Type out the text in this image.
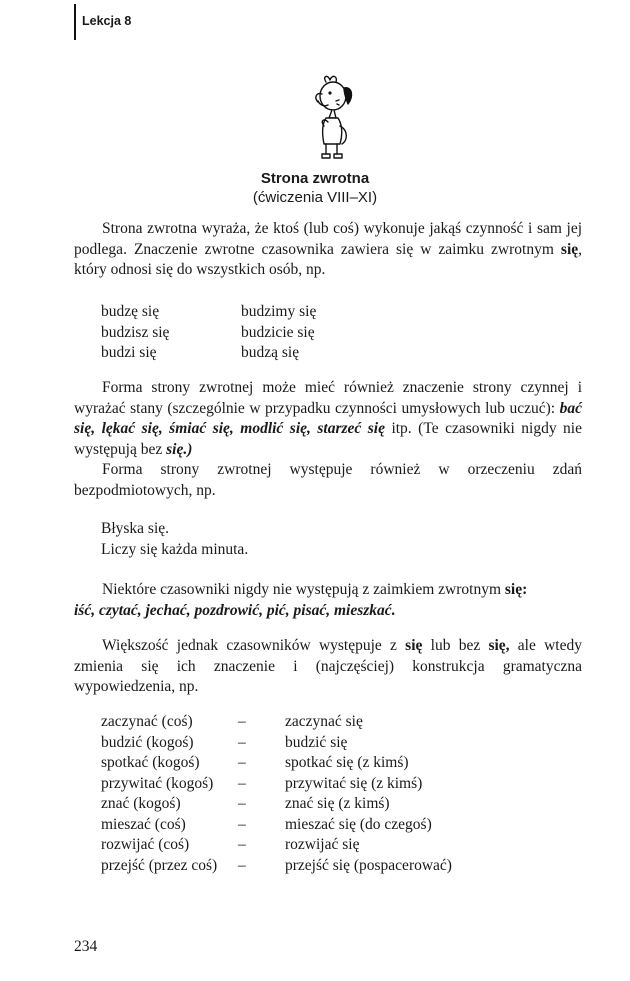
Lekcja 8
Strona zwrotna
(ćwiczenia VIII–XI)

Strona zwrotna wyraża, że ktoś (lub coś) wykonuje jakąś czynność i sam jej podlega. Znaczenie zwrotne czasownika zawiera się w zaimku zwrotnym się, który odnosi się do wszystkich osób, np.

budzę się	budzimy się
budzisz się	budzicie się
budzi się	budzą się

Forma strony zwrotnej może mieć również znaczenie strony czynnej i wyrażać stany (szczególnie w przypadku czynności umysłowych lub uczuć): bać się, lękać się, śmiać się, modlić się, starzeć się itp. (Te czasowniki nigdy nie występują bez się.)

Forma strony zwrotnej występuje również w orzeczeniu zdań bezpodmiotowych, np.

Błyska się.
Liczy się każda minuta.

Niektóre czasowniki nigdy nie występują z zaimkiem zwrotnym się:
iść, czytać, jechać, pozdrowić, pić, pisać, mieszkać.

Większość jednak czasowników występuje z się lub bez się, ale wtedy zmienia się ich znaczenie i (najczęściej) konstrukcja gramatyczna wypowiedzenia, np.

zaczynać (coś)	–	zaczynać się
budzić (kogoś)	–	budzić się
spotkać (kogoś)	–	spotkać się (z kimś)
przywitać (kogoś)	–	przywitać się (z kimś)
znać (kogoś)	–	znać się (z kimś)
mieszać (coś)	–	mieszać się (do czegoś)
rozwijać (coś)	–	rozwijać się
przejść (przez coś)	–	przejść się (pospacerować)
234
